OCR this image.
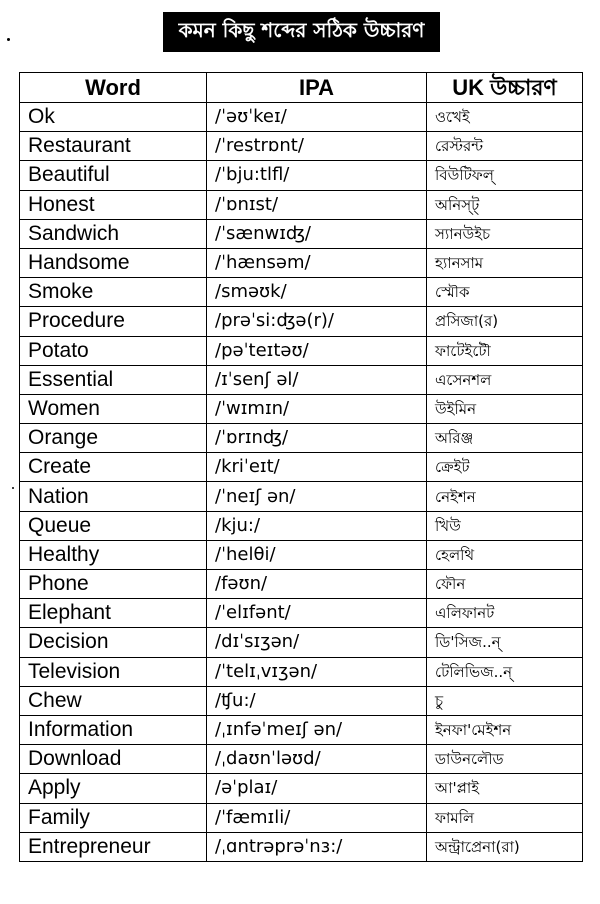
কমন কিছু শব্দের সঠিক উচ্চারণ
Word	IPA	UK উচ্চারণ
Ok	/ˈəʊˈkeɪ/	ওখেই
Restaurant	/ˈrestrɒnt/	রেস্টরন্ট
Beautiful	/ˈbju:tlfl/	বিউটিফল্
Honest	/ˈɒnɪst/	অনিস্ট্
Sandwich	/ˈsænwɪʤ/	স্যানউইচ
Handsome	/ˈhænsəm/	হ্যানসাম
Smoke	/sməʊk/	স্মৌক
Procedure	/prəˈsi:ʤə(r)/	প্রসিজা(র)
Potato	/pəˈteɪtəʊ/	ফাটেইটৌ
Essential	/ɪˈsenʃ əl/	এসেনশল
Women	/ˈwɪmɪn/	উইমিন
Orange	/ˈɒrɪnʤ/	অরিঞ্জ
Create	/kriˈeɪt/	ক্রেইট
Nation	/ˈneɪʃ ən/	নেইশন
Queue	/kju:/	খিউ
Healthy	/ˈhelθi/	হেলথি
Phone	/fəʊn/	ফৌন
Elephant	/ˈelɪfənt/	এলিফানট
Decision	/dɪˈsɪʒən/	ডি'সিজ..ন্
Television	/ˈtelɪˌvɪʒən/	টেলিভিজ..ন্
Chew	/ʧu:/	চু
Information	/ˌɪnfəˈmeɪʃ ən/	ইনফা'মেইশন
Download	/ˌdaʊnˈləʊd/	ডাউনলৌড
Apply	/əˈplaɪ/	আ'প্লাই
Family	/ˈfæmɪli/	ফামলি
Entrepreneur	/ˌɑntrəprəˈnɜ:/	অন্ট্রাপ্রেনা(রা)
